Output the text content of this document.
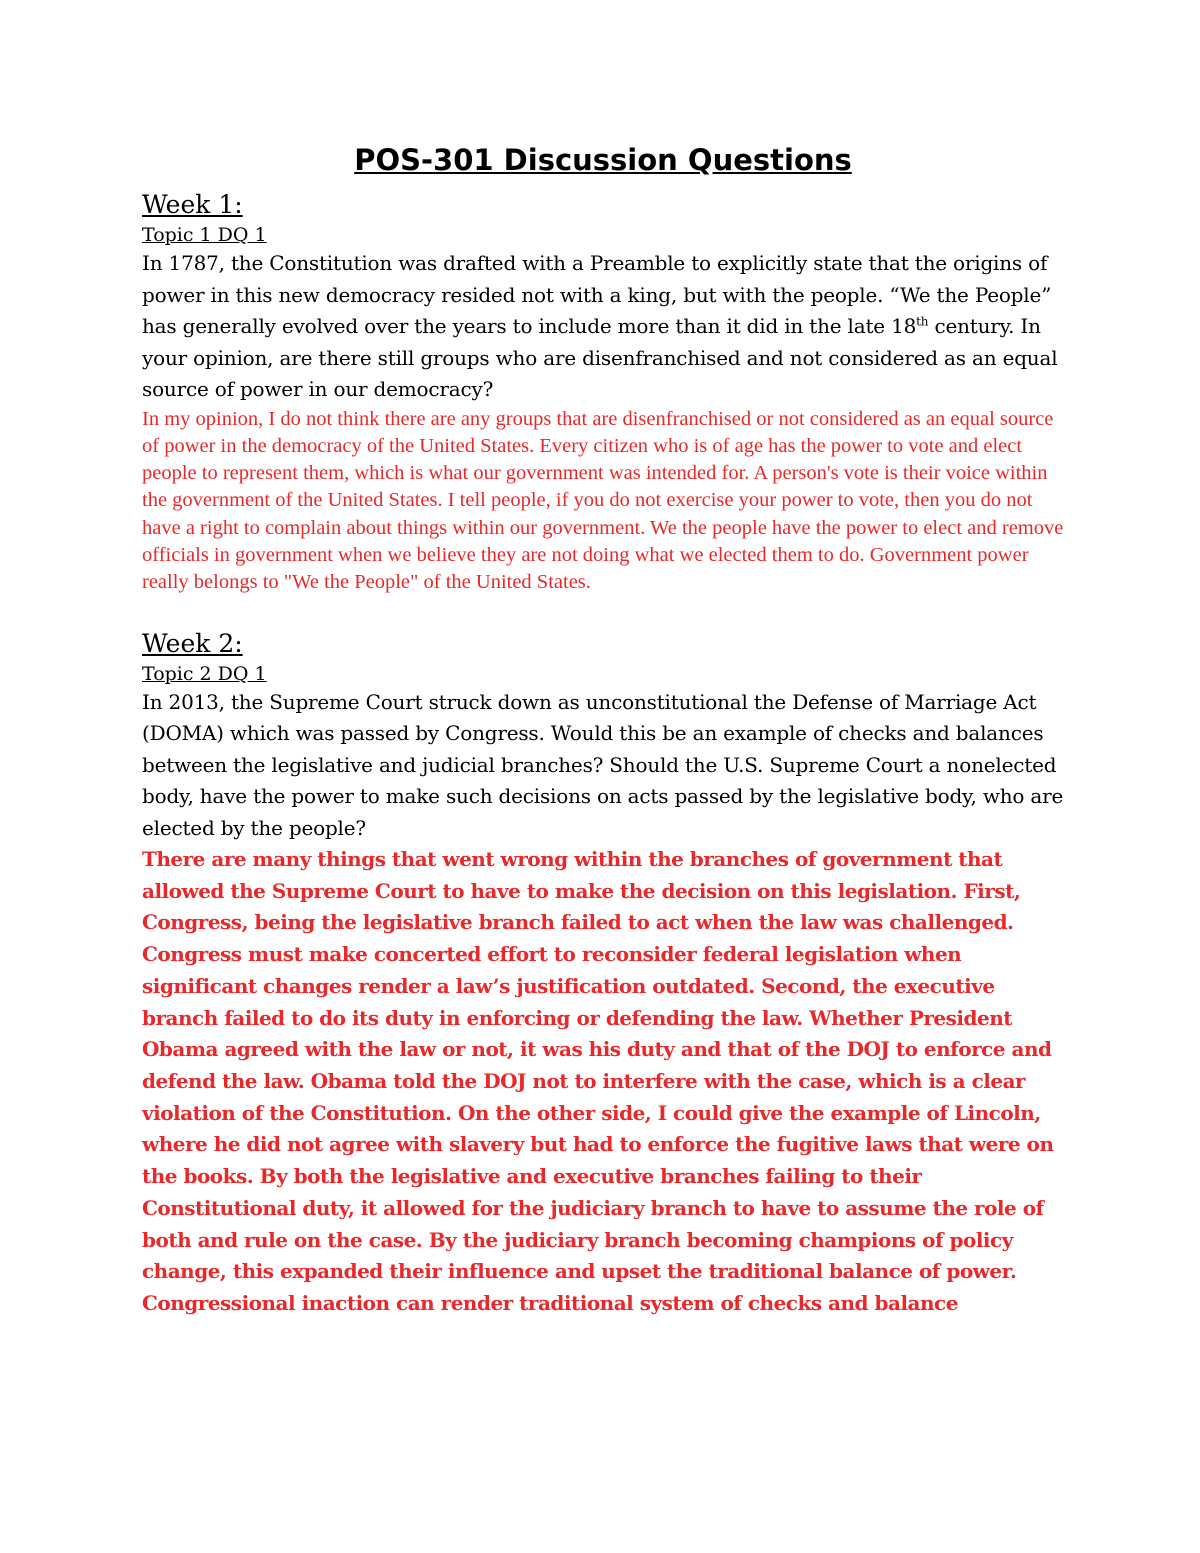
POS-301 Discussion Questions
Week 1:
Topic 1 DQ 1

In 1787, the Constitution was drafted with a Preamble to explicitly state that the origins of power in this new democracy resided not with a king, but with the people. “We the People” has generally evolved over the years to include more than it did in the late 18th century. In your opinion, are there still groups who are disenfranchised and not considered as an equal source of power in our democracy?

In my opinion, I do not think there are any groups that are disenfranchised or not considered as an equal source of power in the democracy of the United States. Every citizen who is of age has the power to vote and elect people to represent them, which is what our government was intended for. A person's vote is their voice within the government of the United States. I tell people, if you do not exercise your power to vote, then you do not have a right to complain about things within our government. We the people have the power to elect and remove officials in government when we believe they are not doing what we elected them to do. Government power really belongs to "We the People" of the United States.

Week 2:
Topic 2 DQ 1

In 2013, the Supreme Court struck down as unconstitutional the Defense of Marriage Act (DOMA) which was passed by Congress. Would this be an example of checks and balances between the legislative and judicial branches? Should the U.S. Supreme Court a nonelected body, have the power to make such decisions on acts passed by the legislative body, who are elected by the people?

There are many things that went wrong within the branches of government that allowed the Supreme Court to have to make the decision on this legislation. First, Congress, being the legislative branch failed to act when the law was challenged. Congress must make concerted effort to reconsider federal legislation when significant changes render a law’s justification outdated. Second, the executive branch failed to do its duty in enforcing or defending the law. Whether President Obama agreed with the law or not, it was his duty and that of the DOJ to enforce and defend the law. Obama told the DOJ not to interfere with the case, which is a clear violation of the Constitution. On the other side, I could give the example of Lincoln, where he did not agree with slavery but had to enforce the fugitive laws that were on the books. By both the legislative and executive branches failing to their Constitutional duty, it allowed for the judiciary branch to have to assume the role of both and rule on the case. By the judiciary branch becoming champions of policy change, this expanded their influence and upset the traditional balance of power. Congressional inaction can render traditional system of checks and balance
